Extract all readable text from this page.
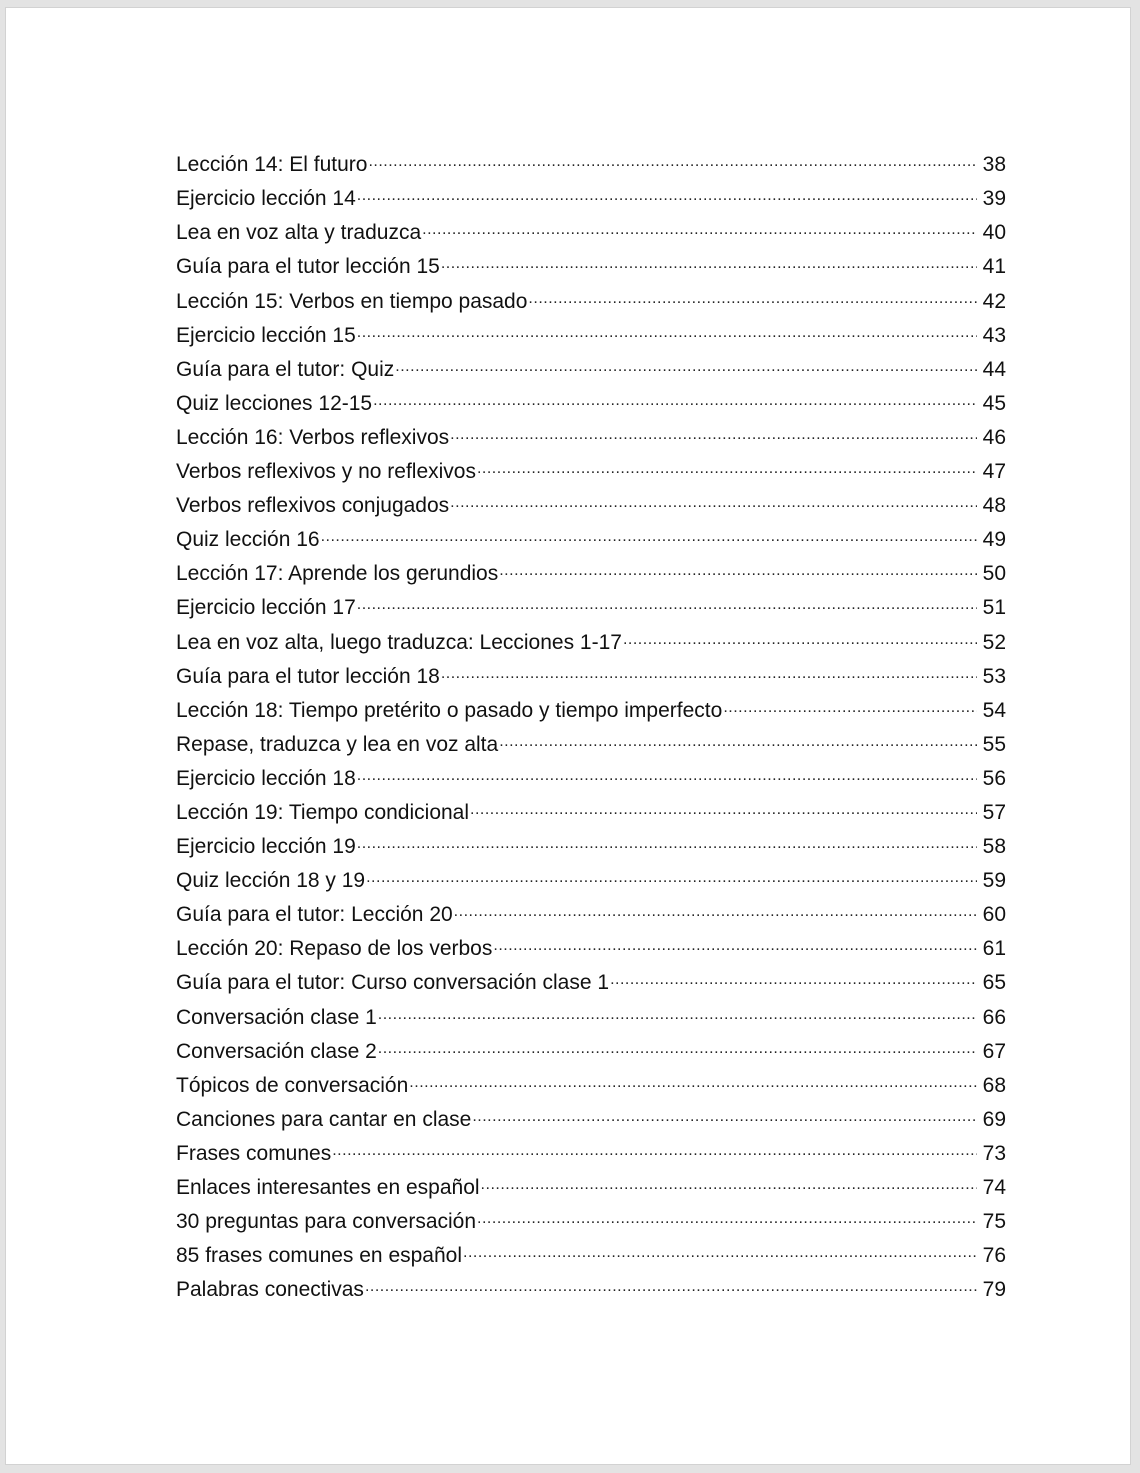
Lección 14: El futuro .....	38
Ejercicio lección 14 .....	39
Lea en voz alta y traduzca .....	40
Guía para el tutor lección 15 .....	41
Lección 15: Verbos en tiempo pasado .....	42
Ejercicio lección 15 .....	43
Guía para el tutor: Quiz .....	44
Quiz lecciones 12-15 .....	45
Lección 16: Verbos reflexivos .....	46
Verbos reflexivos y no reflexivos .....	47
Verbos reflexivos conjugados .....	48
Quiz lección 16 .....	49
Lección 17: Aprende los gerundios .....	50
Ejercicio lección 17 .....	51
Lea en voz alta, luego traduzca: Lecciones 1-17 .....	52
Guía para el tutor lección 18 .....	53
Lección 18: Tiempo pretérito o pasado y tiempo imperfecto .....	54
Repase, traduzca y lea en voz alta .....	55
Ejercicio lección 18 .....	56
Lección 19: Tiempo condicional .....	57
Ejercicio lección 19 .....	58
Quiz lección 18 y 19 .....	59
Guía para el tutor: Lección 20 .....	60
Lección 20: Repaso de los verbos .....	61
Guía para el tutor: Curso conversación clase 1 .....	65
Conversación clase 1 .....	66
Conversación clase 2 .....	67
Tópicos de conversación .....	68
Canciones para cantar en clase .....	69
Frases comunes .....	73
Enlaces interesantes en español .....	74
30 preguntas para conversación .....	75
85 frases comunes en español .....	76
Palabras conectivas .....	79
